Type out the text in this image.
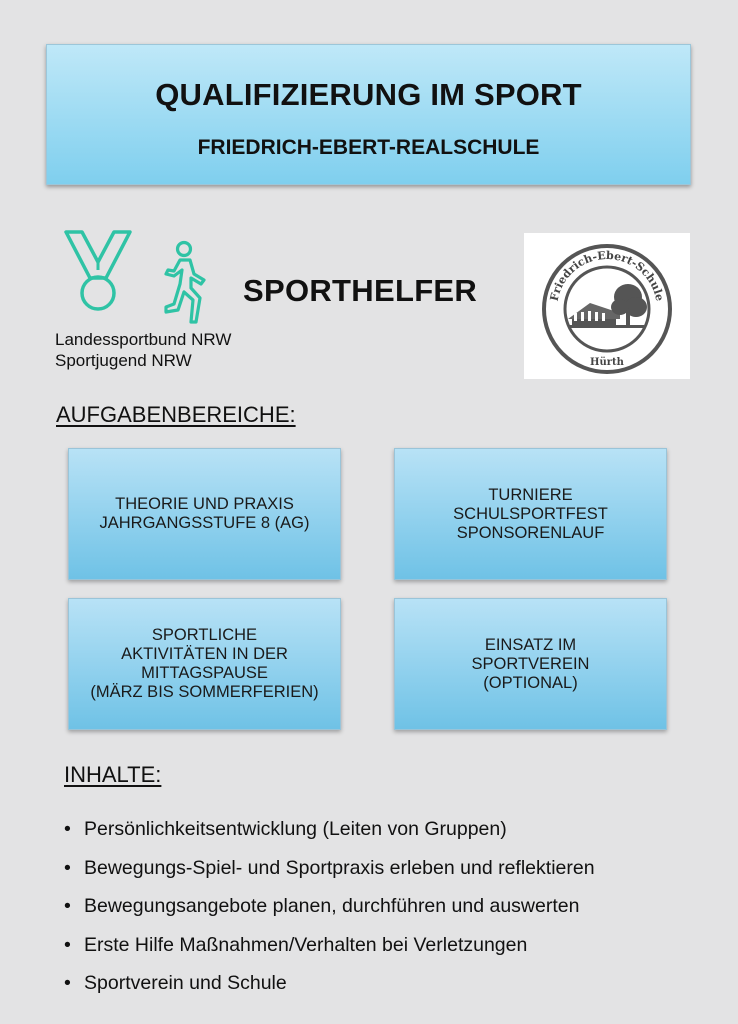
QUALIFIZIERUNG IM SPORT
FRIEDRICH-EBERT-REALSCHULE
Landessportbund NRW
Sportjugend NRW
SPORTHELFER	Friedrich-Ebert-Schule
Hürth
AUFGABENBEREICHE:
THEORIE UND PRAXIS
JAHRGANGSSTUFE 8 (AG)
TURNIERE
SCHULSPORTFEST
SPONSORENLAUF
SPORTLICHE
AKTIVITÄTEN IN DER
MITTAGSPAUSE
(MÄRZ BIS SOMMERFERIEN)
EINSATZ IM
SPORTVEREIN
(OPTIONAL)
INHALTE:
• Persönlichkeitsentwicklung (Leiten von Gruppen)
• Bewegungs-Spiel- und Sportpraxis erleben und reflektieren
• Bewegungsangebote planen, durchführen und auswerten
• Erste Hilfe Maßnahmen/Verhalten bei Verletzungen
• Sportverein und Schule
